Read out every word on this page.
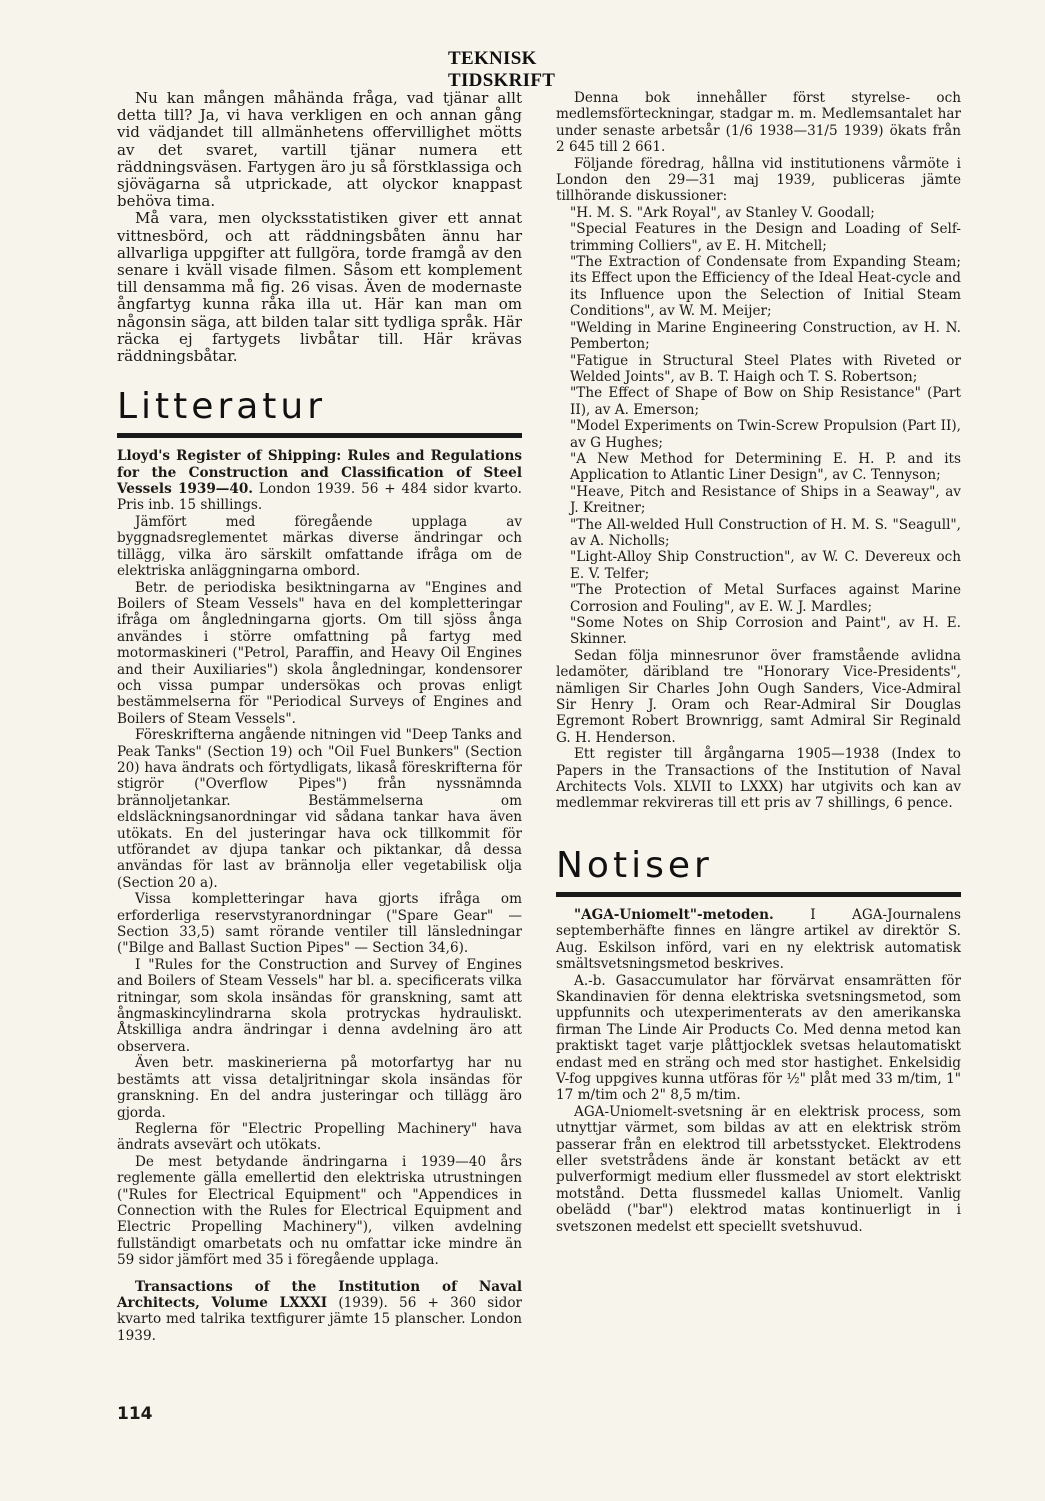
TEKNISK TIDSKRIFT

Nu kan mången måhända fråga, vad tjänar allt detta till? Ja, vi hava verkligen en och annan gång vid vädjandet till allmänhetens offervillighet mötts av det svaret, vartill tjänar numera ett räddningsväsen. Fartygen äro ju så förstklassiga och sjövägarna så utprickade, att olyckor knappast behöva tima.

Må vara, men olycksstatistiken giver ett annat vittnesbörd, och att räddningsbåten ännu har allvarliga uppgifter att fullgöra, torde framgå av den senare i kväll visade filmen. Såsom ett komplement till densamma må fig. 26 visas. Även de modernaste ångfartyg kunna råka illa ut. Här kan man om någonsin säga, att bilden talar sitt tydliga språk. Här räcka ej fartygets livbåtar till. Här krävas räddningsbåtar.

Litteratur

Lloyd's Register of Shipping: Rules and Regulations for the Construction and Classification of Steel Vessels 1939—40. London 1939. 56 + 484 sidor kvarto. Pris inb. 15 shillings.

Jämfört med föregående upplaga av byggnadsreglementet märkas diverse ändringar och tillägg, vilka äro särskilt omfattande ifråga om de elektriska anläggningarna ombord.

Betr. de periodiska besiktningarna av "Engines and Boilers of Steam Vessels" hava en del kompletteringar ifråga om ångledningarna gjorts. Om till sjöss ånga användes i större omfattning på fartyg med motormaskineri ("Petrol, Paraffin, and Heavy Oil Engines and their Auxiliaries") skola ångledningar, kondensorer och vissa pumpar undersökas och provas enligt bestämmelserna för "Periodical Surveys of Engines and Boilers of Steam Vessels".

Föreskrifterna angående nitningen vid "Deep Tanks and Peak Tanks" (Section 19) och "Oil Fuel Bunkers" (Section 20) hava ändrats och förtydligats, likaså föreskrifterna för stigrör ("Overflow Pipes") från nyssnämnda brännoljetankar. Bestämmelserna om eldsläckningsanordningar vid sådana tankar hava även utökats. En del justeringar hava ock tillkommit för utförandet av djupa tankar och piktankar, då dessa användas för last av brännolja eller vegetabilisk olja (Section 20 a).

Vissa kompletteringar hava gjorts ifråga om erforderliga reservstyranordningar ("Spare Gear" — Section 33,5) samt rörande ventiler till länsledningar ("Bilge and Ballast Suction Pipes" — Section 34,6).

I "Rules for the Construction and Survey of Engines and Boilers of Steam Vessels" har bl. a. specificerats vilka ritningar, som skola insändas för granskning, samt att ångmaskincylindrarna skola protryckas hydrauliskt. Åtskilliga andra ändringar i denna avdelning äro att observera.

Även betr. maskinerierna på motorfartyg har nu bestämts att vissa detaljritningar skola insändas för granskning. En del andra justeringar och tillägg äro gjorda.

Reglerna för "Electric Propelling Machinery" hava ändrats avsevärt och utökats.

De mest betydande ändringarna i 1939—40 års reglemente gälla emellertid den elektriska utrustningen ("Rules for Electrical Equipment" och "Appendices in Connection with the Rules for Electrical Equipment and Electric Propelling Machinery"), vilken avdelning fullständigt omarbetats och nu omfattar icke mindre än 59 sidor jämfört med 35 i föregående upplaga.

Transactions of the Institution of Naval Architects, Volume LXXXI (1939). 56 + 360 sidor kvarto med talrika textfigurer jämte 15 planscher. London 1939.

Denna bok innehåller först styrelse- och medlemsförteckningar, stadgar m. m. Medlemsantalet har under senaste arbetsår (1/6 1938—31/5 1939) ökats från 2 645 till 2 661.

Följande föredrag, hållna vid institutionens vårmöte i London den 29—31 maj 1939, publiceras jämte tillhörande diskussioner:

"H. M. S. "Ark Royal", av Stanley V. Goodall;

"Special Features in the Design and Loading of Self-trimming Colliers", av E. H. Mitchell;

"The Extraction of Condensate from Expanding Steam; its Effect upon the Efficiency of the Ideal Heat-cycle and its Influence upon the Selection of Initial Steam Conditions", av W. M. Meijer;

"Welding in Marine Engineering Construction, av H. N. Pemberton;

"Fatigue in Structural Steel Plates with Riveted or Welded Joints", av B. T. Haigh och T. S. Robertson;

"The Effect of Shape of Bow on Ship Resistance" (Part II), av A. Emerson;

"Model Experiments on Twin-Screw Propulsion (Part II), av G Hughes;

"A New Method for Determining E. H. P. and its Application to Atlantic Liner Design", av C. Tennyson;

"Heave, Pitch and Resistance of Ships in a Seaway", av J. Kreitner;

"The All-welded Hull Construction of H. M. S. "Seagull", av A. Nicholls;

"Light-Alloy Ship Construction", av W. C. Devereux och E. V. Telfer;

"The Protection of Metal Surfaces against Marine Corrosion and Fouling", av E. W. J. Mardles;

"Some Notes on Ship Corrosion and Paint", av H. E. Skinner.

Sedan följa minnesrunor över framstående avlidna ledamöter, däribland tre "Honorary Vice-Presidents", nämligen Sir Charles John Ough Sanders, Vice-Admiral Sir Henry J. Oram och Rear-Admiral Sir Douglas Egremont Robert Brownrigg, samt Admiral Sir Reginald G. H. Henderson.

Ett register till årgångarna 1905—1938 (Index to Papers in the Transactions of the Institution of Naval Architects Vols. XLVII to LXXX) har utgivits och kan av medlemmar rekvireras till ett pris av 7 shillings, 6 pence.

Notiser

"AGA-Uniomelt"-metoden.	I AGA-Journalens septemberhäfte finnes en längre artikel av direktör S. Aug. Eskilson införd, vari en ny elektrisk automatisk smältsvetsningsmetod beskrives.

A.-b. Gasaccumulator har förvärvat ensamrätten för Skandinavien för denna elektriska svetsningsmetod, som uppfunnits och utexperimenterats av den amerikanska firman The Linde Air Products Co. Med denna metod kan praktiskt taget varje plåttjocklek svetsas helautomatiskt endast med en sträng och med stor hastighet. Enkelsidig V-fog uppgives kunna utföras för ½" plåt med 33 m/tim, 1" 17 m/tim och 2" 8,5 m/tim.

AGA-Uniomelt-svetsning är en elektrisk process, som utnyttjar värmet, som bildas av att en elektrisk ström passerar från en elektrod till arbetsstycket. Elektrodens eller svetstrådens ände är konstant betäckt av ett pulverformigt medium eller flussmedel av stort elektriskt motstånd. Detta flussmedel kallas Uniomelt. Vanlig obelädd ("bar") elektrod matas kontinuerligt in i svetszonen medelst ett speciellt svetshuvud.

114
